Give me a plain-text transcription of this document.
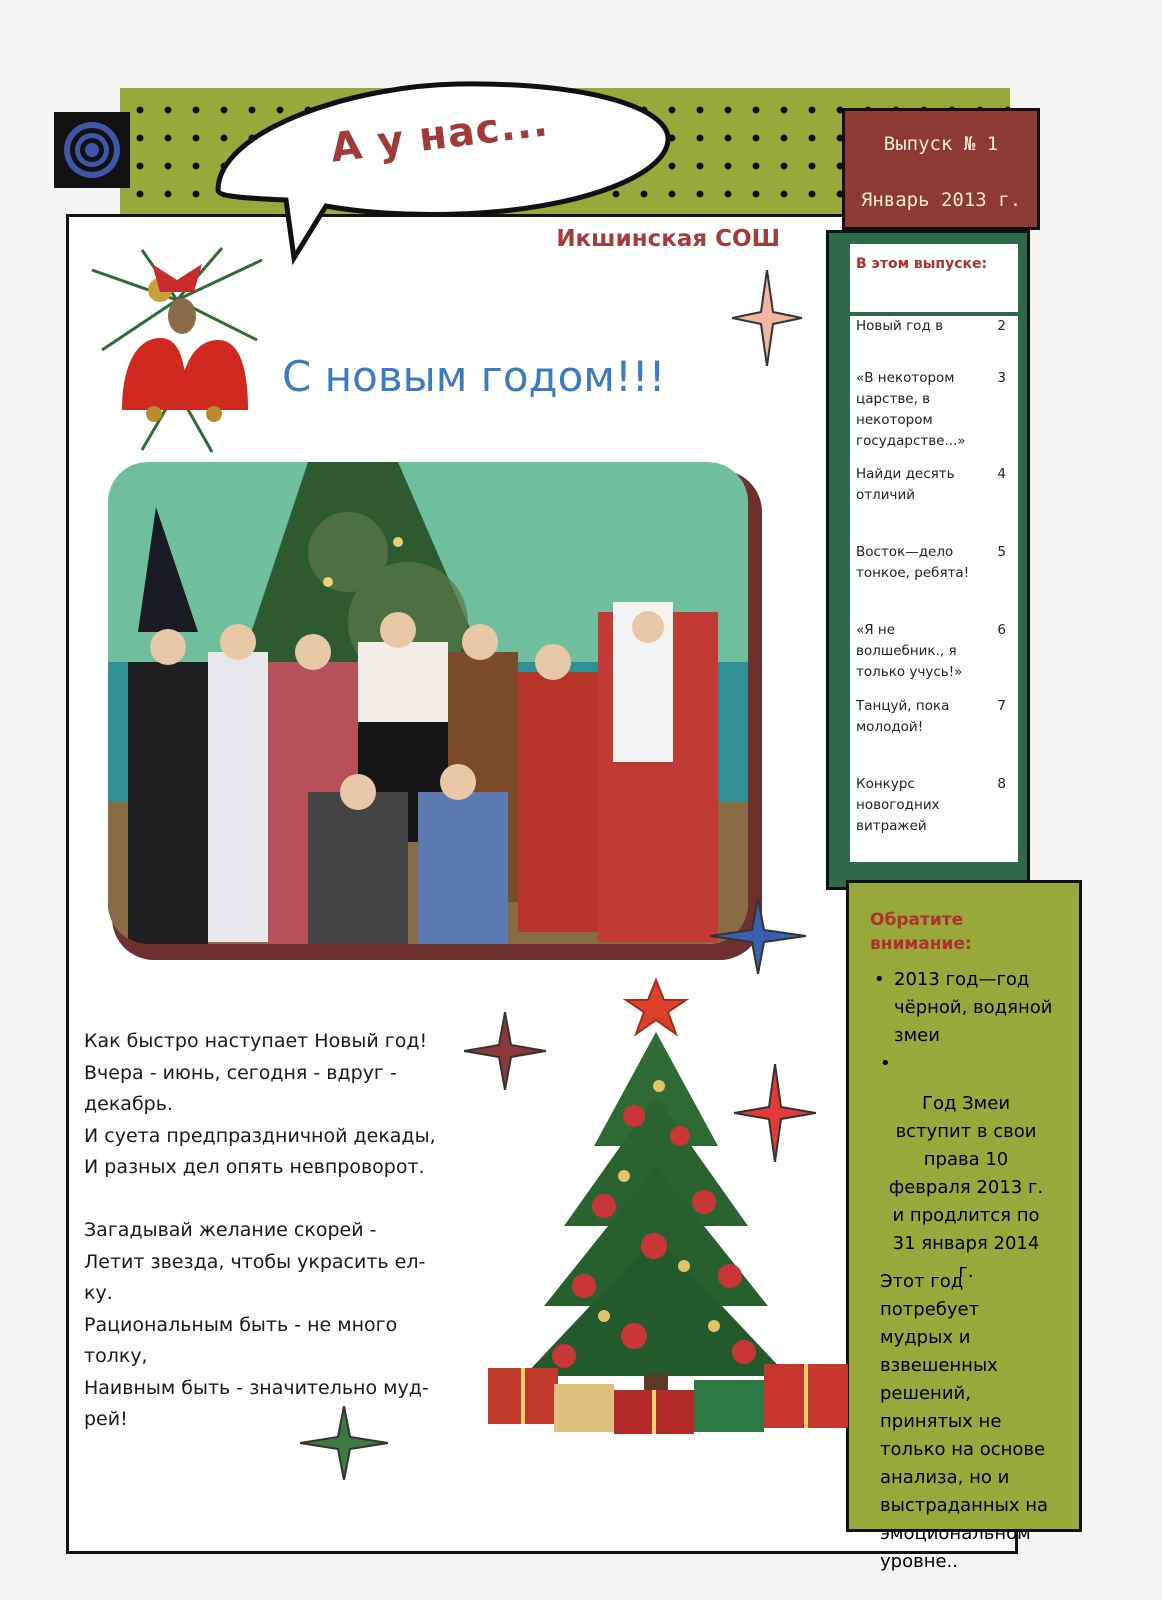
А у нас...
Икшинская СОШ
Выпуск № 1
Январь 2013 г.
В этом выпуске:
Новый год в	2
«В некотором царстве, в некотором государстве...»
3
Найди десять отличий
4
Восток—дело тонкое, ребята!
5
«Я не волшебник., я только учусь!»
6
Танцуй, пока молодой!
7
Конкурс новогодних витражей
8
Обратите внимание:
• 2013 год—год чёрной, водяной змеи
•
Год Змеи вступит в свои права 10 февраля 2013 г. и продлится по 31 января 2014 г.
Этот год потребует мудрых и взвешенных решений, принятых не только на основе анализа, но и выстраданных на эмоциональном уровне..
С новым годом!!!
Как быстро наступает Новый год!
Вчера - июнь, сегодня - вдруг -
декабрь.
И суета предпраздничной декады,
И разных дел опять невпроворот.
Загадывай желание скорей -
Летит звезда, чтобы украсить ел-
ку.
Рациональным быть - не много
толку,
Наивным быть - значительно муд-
рей!
